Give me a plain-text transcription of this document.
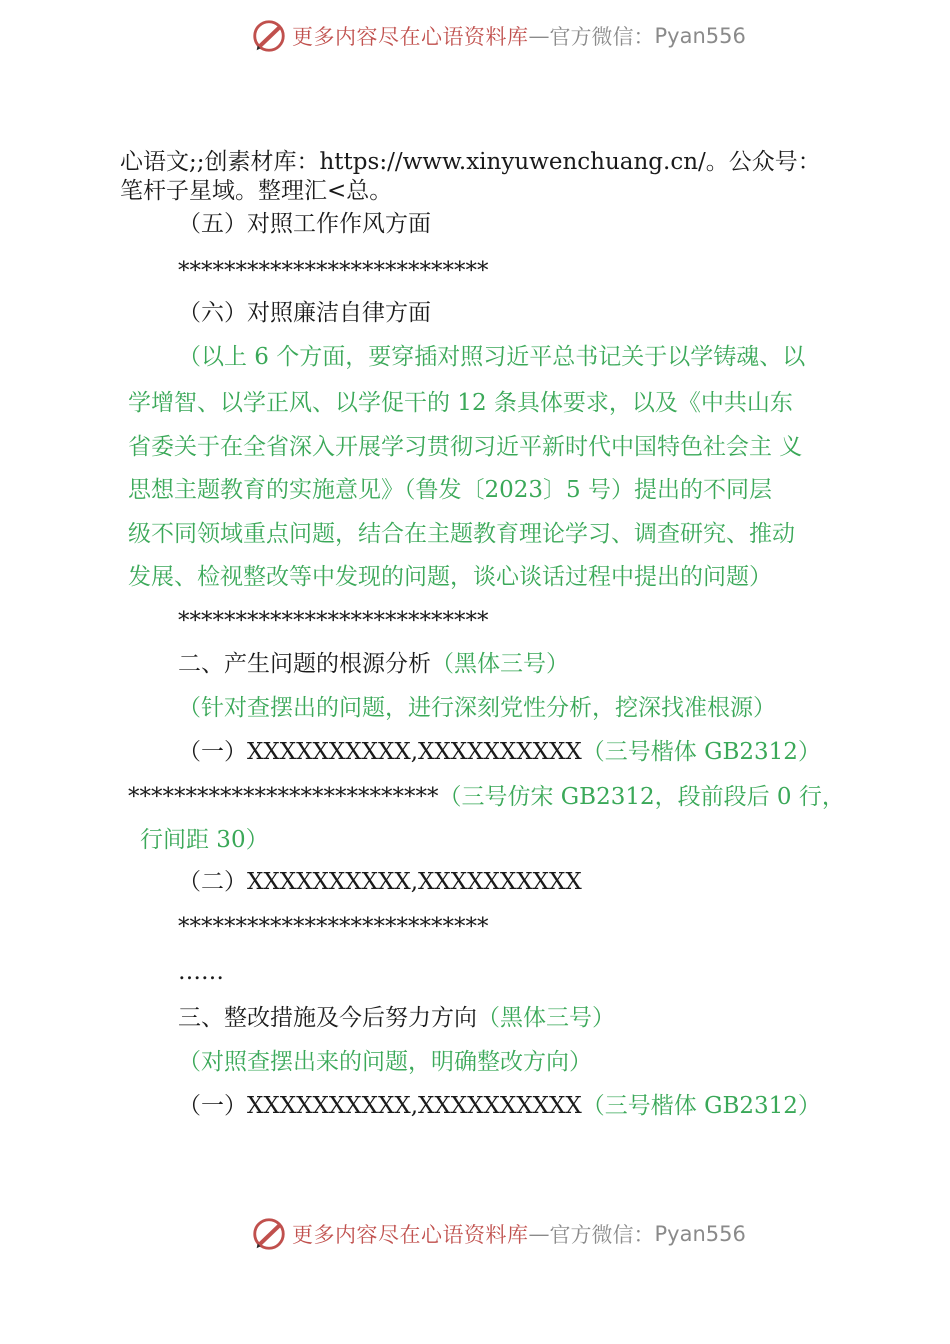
更多内容尽在心语资料库 — 官方微信： Pyan556
心语文;;创素材库：https://www.xinyuwenchuang.cn/。公众号：
笔杆子星域。整理汇<总。
（五）对照工作作风方面
***************************
（六）对照廉洁自律方面
（以上 6 个方面，要穿插对照习近平总书记关于以学铸魂、以
学增智、以学正风、以学促干的 12 条具体要求，以及《中共山东
省委关于在全省深入开展学习贯彻习近平新时代中国特色社会主 义
思想主题教育的实施意见》（鲁发〔2023〕5 号）提出的不同层
级不同领域重点问题，结合在主题教育理论学习、调查研究、推动
发展、检视整改等中发现的问题，谈心谈话过程中提出的问题）
***************************
二、产生问题的根源分析（黑体三号）
（针对查摆出的问题，进行深刻党性分析，挖深找准根源）
（一）XXXXXXXXXX,XXXXXXXXXX（三号楷体 GB2312）
***************************（三号仿宋 GB2312，段前段后 0 行，
行间距 30）
（二）XXXXXXXXXX,XXXXXXXXXX
***************************
……
三、整改措施及今后努力方向（黑体三号）
（对照查摆出来的问题，明确整改方向）
（一）XXXXXXXXXX,XXXXXXXXXX（三号楷体 GB2312）
更多内容尽在心语资料库 — 官方微信： Pyan556
